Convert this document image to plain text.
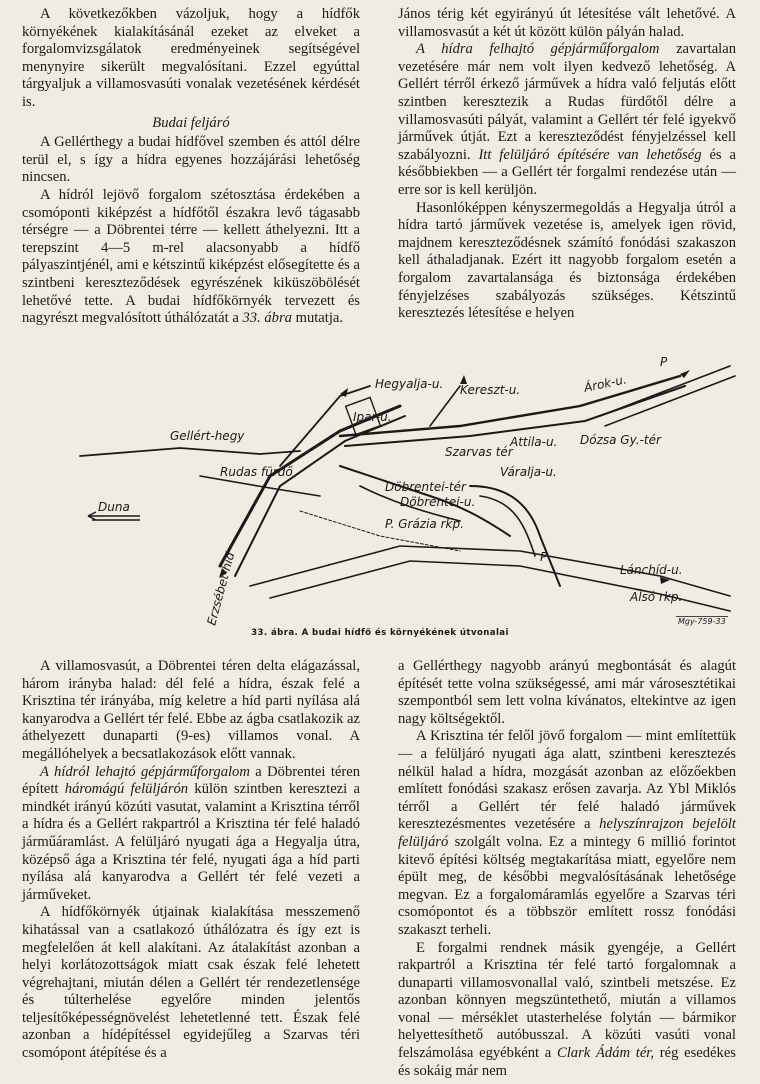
A következőkben vázoljuk, hogy a hídfők környékének kialakításánál ezeket az elveket a forgalomvizsgálatok eredményeinek segítségével menynyire sikerült megvalósítani. Ezzel egyúttal tárgyaljuk a villamosvasúti vonalak vezetésének kérdését is.

Budai feljáró

A Gellérthegy a budai hídfővel szemben és attól délre terül el, s így a hídra egyenes hozzájárási lehetőség nincsen.

A hídról lejövő forgalom szétosztása érdekében a csomóponti kiképzést a hídfőtől északra levő tágasabb térségre — a Döbrentei térre — kellett áthelyezni. Itt a terepszint 4—5 m-rel alacsonyabb a hídfő pályaszintjénél, ami e kétszintű kiképzést elősegítette és a szintbeni kereszteződések egyrészének kiküszöbölését lehetővé tette. A budai hídfőkörnyék tervezett és nagyrészt megvalósított úthálózatát a 33. ábra mutatja.

János térig két egyirányú út létesítése vált lehetővé. A villamosvasút a két út között külön pályán halad.

A hídra felhajtó gépjárműforgalom zavartalan vezetésére már nem volt ilyen kedvező lehetőség. A Gellért térről érkező járművek a hídra való feljutás előtt szintben keresztezik a Rudas fürdőtől délre a villamosvasúti pályát, valamint a Gellért tér felé igyekvő járművek útját. Ezt a kereszteződést fényjelzéssel kell szabályozni. Itt felüljáró építésére van lehetőség és a későbbiekben — a Gellért tér forgalmi rendezése után — erre sor is kell kerüljön.

Hasonlóképpen kényszermegoldás a Hegyalja útról a hídra tartó járművek vezetése is, amelyek igen rövid, majdnem kereszteződésnek számító fonódási szakaszon kell áthaladjanak. Ezért itt nagyobb forgalom esetén a forgalom zavartalansága és biztonsága érdekében fényjelzéses szabályozás szükséges. Kétszintű keresztezés létesítése e helyen

Hegyalja-u. Kereszt-u.	Árok-u.
Gellért-hegy
Ipar-ú.
Szarvas tér
Attila-u. Dózsa Gy.-tér
Rudas fürdő	Váralja-u.
Döbrentei-tér
Döbrentei-u.
P. Grázia rkp.
Duna
Erzsébet-híd	Lánchíd-u.
Alsó rkp.
P
P
Mgy-759-33
33. ábra. A budai hídfő és környékének útvonalai

A villamosvasút, a Döbrentei téren delta elágazással, három irányba halad: dél felé a hídra, észak felé a Krisztina tér irányába, míg keletre a híd parti nyílása alá kanyarodva a Gellért tér felé. Ebbe az ágba csatlakozik az áthelyezett dunaparti (9-es) villamos vonal. A megállóhelyek a becsatlakozások előtt vannak.

A hídról lehajtó gépjárműforgalom a Döbrentei téren épített háromágú felüljárón külön szintben keresztezi a mindkét irányú közúti vasutat, valamint a Krisztina térről a hídra és a Gellért rakpartról a Krisztina tér felé haladó járműáramlást. A felüljáró nyugati ága a Hegyalja útra, középső ága a Krisztina tér felé, nyugati ága a híd parti nyílása alá kanyarodva a Gellért tér felé vezeti a járműveket.

A hídfőkörnyék útjainak kialakítása messzemenő kihatással van a csatlakozó úthálózatra és így ezt is megfelelően át kell alakítani. Az átalakítást azonban a helyi korlátozottságok miatt csak észak felé lehetett végrehajtani, miután délen a Gellért tér rendezetlensége és túlterhelése egyelőre minden jelentős teljesítőképességnövelést lehetetlenné tett. Észak felé azonban a hídépítéssel egyidejűleg a Szarvas téri csomópont átépítése és a

a Gellérthegy nagyobb arányú megbontását és alagút építését tette volna szükségessé, ami már városesztétikai szempontból sem lett volna kívánatos, eltekintve az igen nagy költségektől.

A Krisztina tér felől jövő forgalom — mint említettük — a felüljáró nyugati ága alatt, szintbeni keresztezés nélkül halad a hídra, mozgását azonban az előzőekben említett fonódási szakasz erősen zavarja. Az Ybl Miklós térről a Gellért tér felé haladó járművek keresztezésmentes vezetésére a helyszínrajzon bejelölt felüljáró szolgált volna. Ez a mintegy 6 millió forintot kitevő építési költség megtakarítása miatt, egyelőre nem épült meg, de későbbi megvalósításának lehetősége megvan. Ez a forgalomáramlás egyelőre a Szarvas téri csomópontot és a többször említett rossz fonódási szakaszt terheli.

E forgalmi rendnek másik gyengéje, a Gellért rakpartról a Krisztina tér felé tartó forgalomnak a dunaparti villamosvonallal való, szintbeli metszése. Ez azonban könnyen megszüntethető, miután a villamos vonal — mérséklet utasterhelése folytán — bármikor helyettesíthető autóbusszal. A közúti vasúti vonal felszámolása egyébként a Clark Ádám tér, rég esedékes és sokáig már nem
